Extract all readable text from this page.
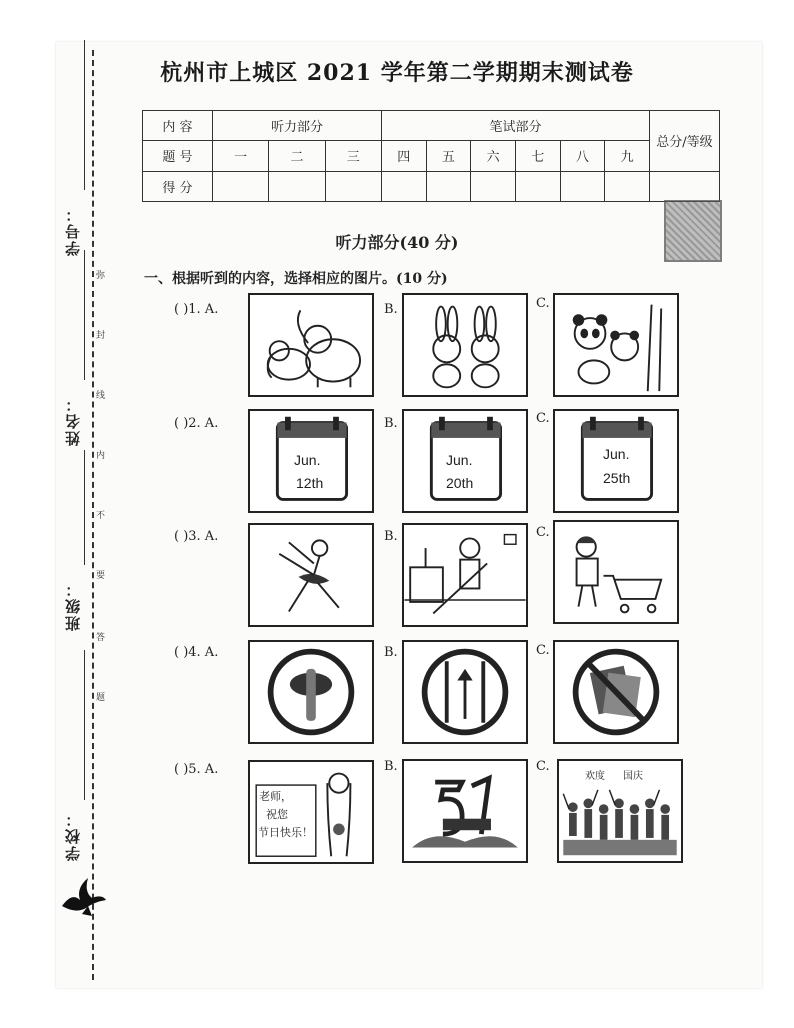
学号：
姓名：
班级：
学校：
弥
封
线
内
不
要
答
题
杭州市上城区 2021 学年第二学期期末测试卷
内 容	听力部分			笔试部分						总分/等级
题 号	一	二	三	四	五	六	七	八	九	
得 分										
听力部分(40 分)
一、根据听到的内容，选择相应的图片。(10 分)
( )1. A.	B.	C.
( )2. A.
Jun.
12th
B.
Jun.
20th
C.
Jun.
25th
( )3. A.	B.	C.
( )4. A.	B.	C.
( )5. A.
老师，
祝您
节日快乐！
B.	C.
欢度 国庆
